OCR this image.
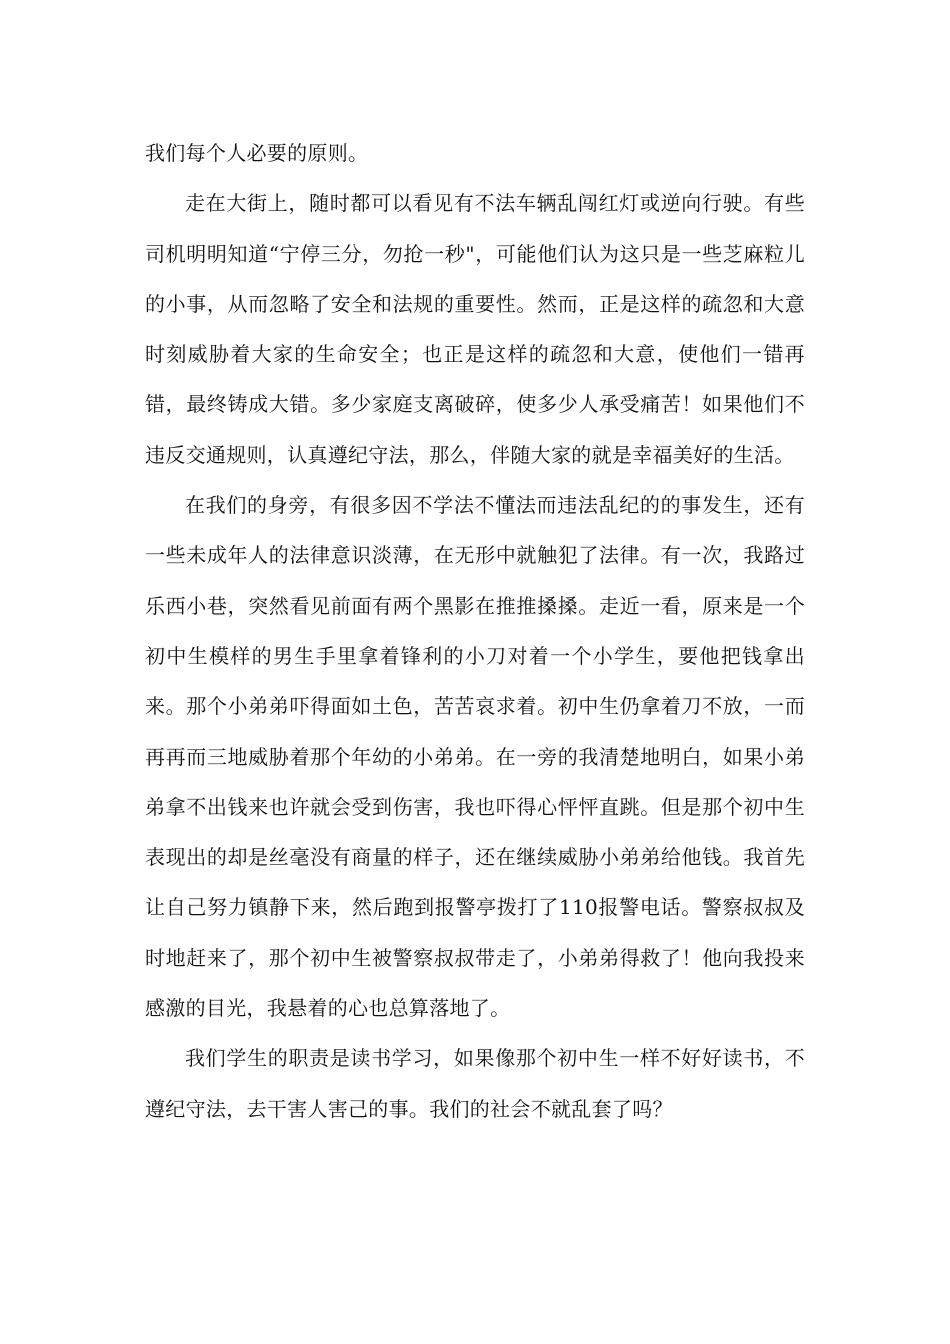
我们每个人必要的原则。

走在大街上，随时都可以看见有不法车辆乱闯红灯或逆向行驶。有些司机明明知道“宁停三分，勿抢一秒"，可能他们认为这只是一些芝麻粒儿的小事，从而忽略了安全和法规的重要性。然而，正是这样的疏忽和大意时刻威胁着大家的生命安全；也正是这样的疏忽和大意，使他们一错再错，最终铸成大错。多少家庭支离破碎，使多少人承受痛苦！如果他们不违反交通规则，认真遵纪守法，那么，伴随大家的就是幸福美好的生活。

在我们的身旁，有很多因不学法不懂法而违法乱纪的的事发生，还有一些未成年人的法律意识淡薄，在无形中就触犯了法律。有一次，我路过乐西小巷，突然看见前面有两个黑影在推推搡搡。走近一看，原来是一个初中生模样的男生手里拿着锋利的小刀对着一个小学生，要他把钱拿出来。那个小弟弟吓得面如土色，苦苦哀求着。初中生仍拿着刀不放，一而再再而三地威胁着那个年幼的小弟弟。在一旁的我清楚地明白，如果小弟弟拿不出钱来也许就会受到伤害，我也吓得心怦怦直跳。但是那个初中生表现出的却是丝毫没有商量的样子，还在继续威胁小弟弟给他钱。我首先让自己努力镇静下来，然后跑到报警亭拨打了110报警电话。警察叔叔及时地赶来了，那个初中生被警察叔叔带走了，小弟弟得救了！他向我投来感激的目光，我悬着的心也总算落地了。

我们学生的职责是读书学习，如果像那个初中生一样不好好读书，不遵纪守法，去干害人害己的事。我们的社会不就乱套了吗？
